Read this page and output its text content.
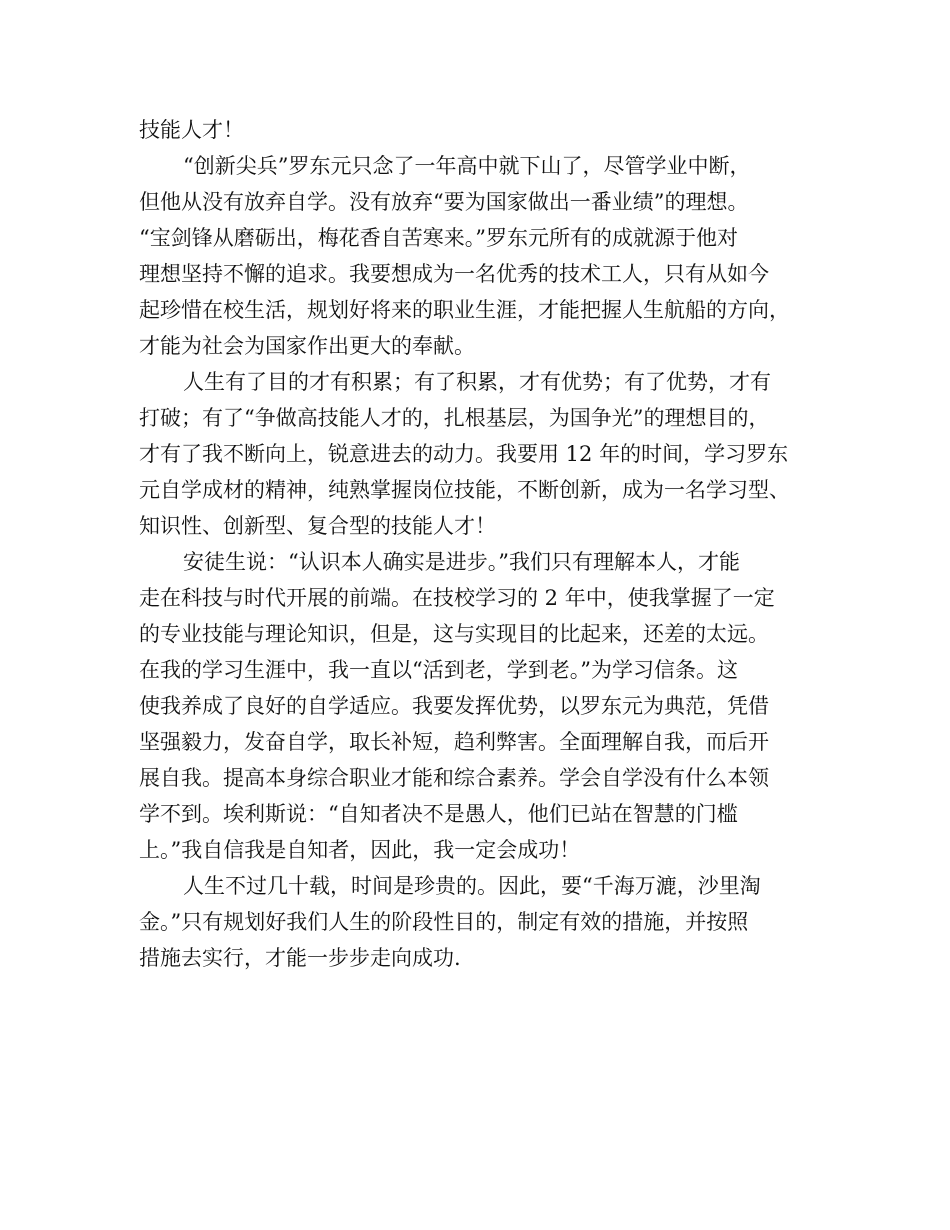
技能人才！

“创新尖兵”罗东元只念了一年高中就下山了，尽管学业中断，

但他从没有放弃自学。没有放弃“要为国家做出一番业绩”的理想。

“宝剑锋从磨砺出，梅花香自苦寒来。”罗东元所有的成就源于他对

理想坚持不懈的追求。我要想成为一名优秀的技术工人，只有从如今

起珍惜在校生活，规划好将来的职业生涯，才能把握人生航船的方向，

才能为社会为国家作出更大的奉献。

人生有了目的才有积累；有了积累，才有优势；有了优势，才有

打破；有了“争做高技能人才的，扎根基层，为国争光”的理想目的，

才有了我不断向上，锐意进去的动力。我要用 12 年的时间，学习罗东

元自学成材的精神，纯熟掌握岗位技能，不断创新，成为一名学习型、

知识性、创新型、复合型的技能人才！

安徒生说：“认识本人确实是进步。”我们只有理解本人，才能

走在科技与时代开展的前端。在技校学习的 2 年中，使我掌握了一定

的专业技能与理论知识，但是，这与实现目的比起来，还差的太远。

在我的学习生涯中，我一直以“活到老，学到老。”为学习信条。这

使我养成了良好的自学适应。我要发挥优势，以罗东元为典范，凭借

坚强毅力，发奋自学，取长补短，趋利弊害。全面理解自我，而后开

展自我。提高本身综合职业才能和综合素养。学会自学没有什么本领

学不到。埃利斯说：“自知者决不是愚人，他们已站在智慧的门槛

上。”我自信我是自知者，因此，我一定会成功！

人生不过几十载，时间是珍贵的。因此，要“千海万漉，沙里淘

金。”只有规划好我们人生的阶段性目的，制定有效的措施，并按照

措施去实行，才能一步步走向成功.
